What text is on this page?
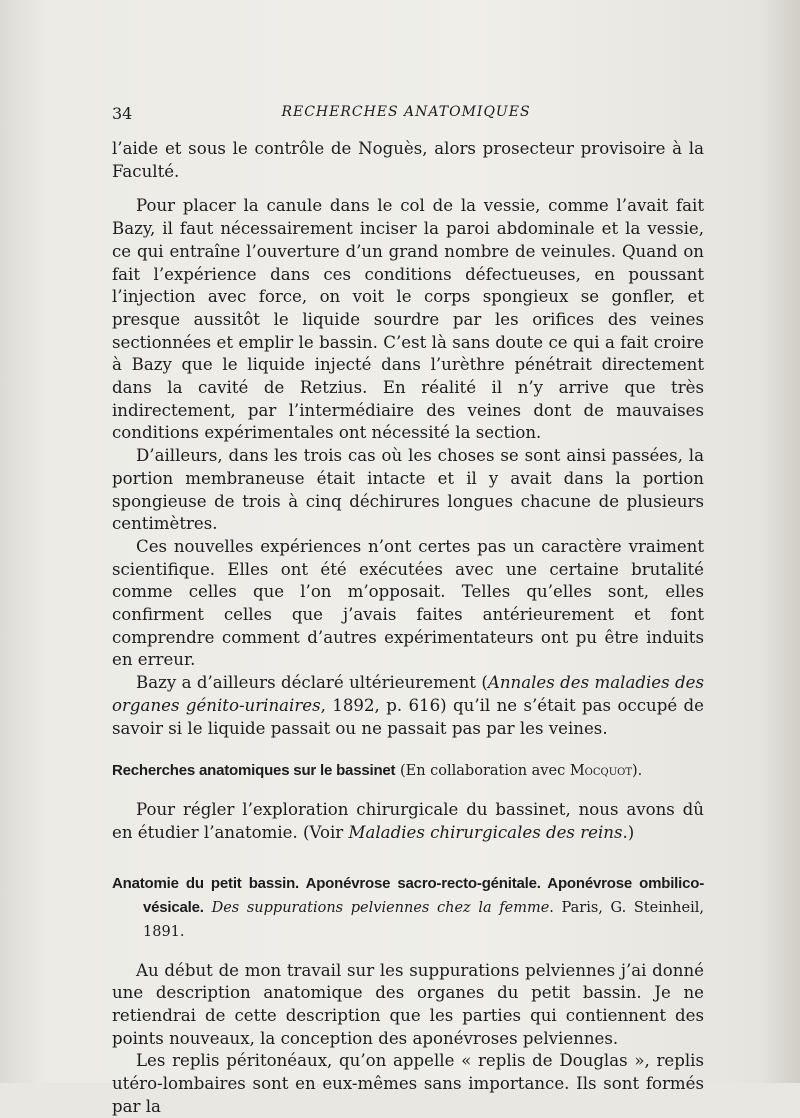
34	RECHERCHES ANATOMIQUES

l’aide et sous le contrôle de Noguès, alors prosecteur provisoire à la Faculté.

Pour placer la canule dans le col de la vessie, comme l’avait fait Bazy, il faut nécessairement inciser la paroi abdominale et la vessie, ce qui entraîne l’ouverture d’un grand nombre de veinules. Quand on fait l’expérience dans ces conditions défectueuses, en poussant l’injection avec force, on voit le corps spongieux se gonfler, et presque aussitôt le liquide sourdre par les orifices des veines sectionnées et emplir le bassin. C’est là sans doute ce qui a fait croire à Bazy que le liquide injecté dans l’urèthre pénétrait directement dans la cavité de Retzius. En réalité il n’y arrive que très indirectement, par l’intermédiaire des veines dont de mauvaises conditions expérimentales ont nécessité la section.

D’ailleurs, dans les trois cas où les choses se sont ainsi passées, la portion membraneuse était intacte et il y avait dans la portion spongieuse de trois à cinq déchirures longues chacune de plusieurs centimètres.

Ces nouvelles expériences n’ont certes pas un caractère vraiment scientifique. Elles ont été exécutées avec une certaine brutalité comme celles que l’on m’opposait. Telles qu’elles sont, elles confirment celles que j’avais faites antérieurement et font comprendre comment d’autres expérimentateurs ont pu être induits en erreur.

Bazy a d’ailleurs déclaré ultérieurement (Annales des maladies des organes génito-urinaires, 1892, p. 616) qu’il ne s’était pas occupé de savoir si le liquide passait ou ne passait pas par les veines.

Recherches anatomiques sur le bassinet (En collaboration avec Mocquot).

Pour régler l’exploration chirurgicale du bassinet, nous avons dû en étudier l’anatomie. (Voir Maladies chirurgicales des reins.)

Anatomie du petit bassin. Aponévrose sacro-recto-génitale. Aponévrose ombilico-vésicale. Des suppurations pelviennes chez la femme. Paris, G. Steinheil, 1891.

Au début de mon travail sur les suppurations pelviennes j’ai donné une description anatomique des organes du petit bassin. Je ne retiendrai de cette description que les parties qui contiennent des points nouveaux, la conception des aponévroses pelviennes.

Les replis péritonéaux, qu’on appelle « replis de Douglas », replis utéro-lombaires sont en eux-mêmes sans importance. Ils sont formés par la
